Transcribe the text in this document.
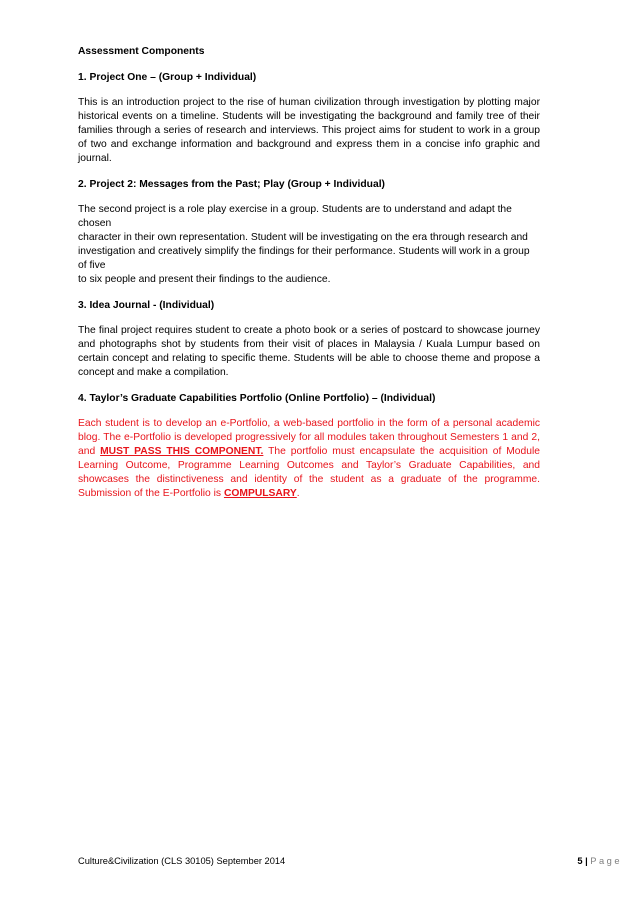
Assessment Components

1. Project One – (Group + Individual)

This is an introduction project to the rise of human civilization through investigation by plotting major historical events on a timeline. Students will be investigating the background and family tree of their families through a series of research and interviews. This project aims for student to work in a group of two and exchange information and background and express them in a concise info graphic and journal.

2. Project 2: Messages from the Past; Play (Group + Individual)

The second project is a role play exercise in a group. Students are to understand and adapt the chosen
character in their own representation. Student will be investigating on the era through research and
investigation and creatively simplify the findings for their performance. Students will work in a group of five
to six people and present their findings to the audience.

3. Idea Journal - (Individual)

The final project requires student to create a photo book or a series of postcard to showcase journey and photographs shot by students from their visit of places in Malaysia / Kuala Lumpur based on certain concept and relating to specific theme. Students will be able to choose theme and propose a concept and make a compilation.

4. Taylor’s Graduate Capabilities Portfolio (Online Portfolio) – (Individual)

Each student is to develop an e-Portfolio, a web-based portfolio in the form of a personal academic blog. The e-Portfolio is developed progressively for all modules taken throughout Semesters 1 and 2, and MUST PASS THIS COMPONENT. The portfolio must encapsulate the acquisition of Module Learning Outcome, Programme Learning Outcomes and Taylor’s Graduate Capabilities, and showcases the distinctiveness and identity of the student as a graduate of the programme. Submission of the E-Portfolio is COMPULSARY.

Culture&Civilization (CLS 30105) September 2014	5 | Page
